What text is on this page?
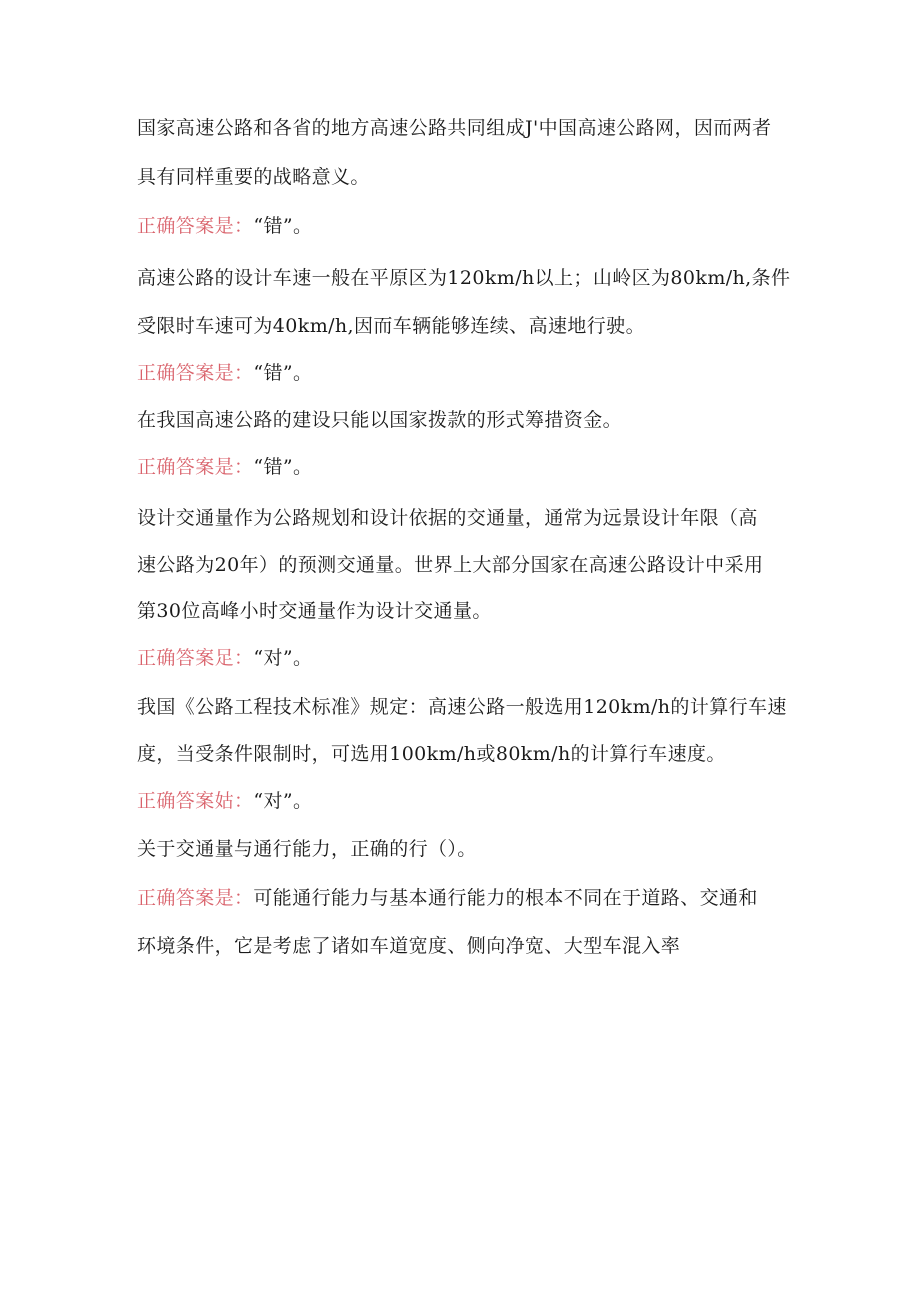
国家高速公路和各省的地方高速公路共同组成J'中国高速公路网，因而两者
具有同样重要的战略意义。
正确答案是：“错”。
高速公路的设计车速一般在平原区为120km∕h以上；山岭区为80km∕h,条件
受限时车速可为40km∕h,因而车辆能够连续、高速地行驶。
正确答案是：“错”。
在我国高速公路的建设只能以国家拨款的形式筹措资金。
正确答案是：“错”。
设计交通量作为公路规划和设计依据的交通量，通常为远景设计年限（高
速公路为20年）的预测交通量。世界上大部分国家在高速公路设计中采用
第30位高峰小时交通量作为设计交通量。
正确答案足：“对”。
我国《公路工程技术标准》规定：高速公路一般选用120km∕h的计算行车速
度，当受条件限制时，可选用100km/h或80km∕h的计算行车速度。
正确答案姑：“对”。
关于交通量与通行能力，正确的行（）。
正确答案是：可能通行能力与基本通行能力的根本不同在于道路、交通和
环境条件，它是考虑了诸如车道宽度、侧向净宽、大型车混入率
